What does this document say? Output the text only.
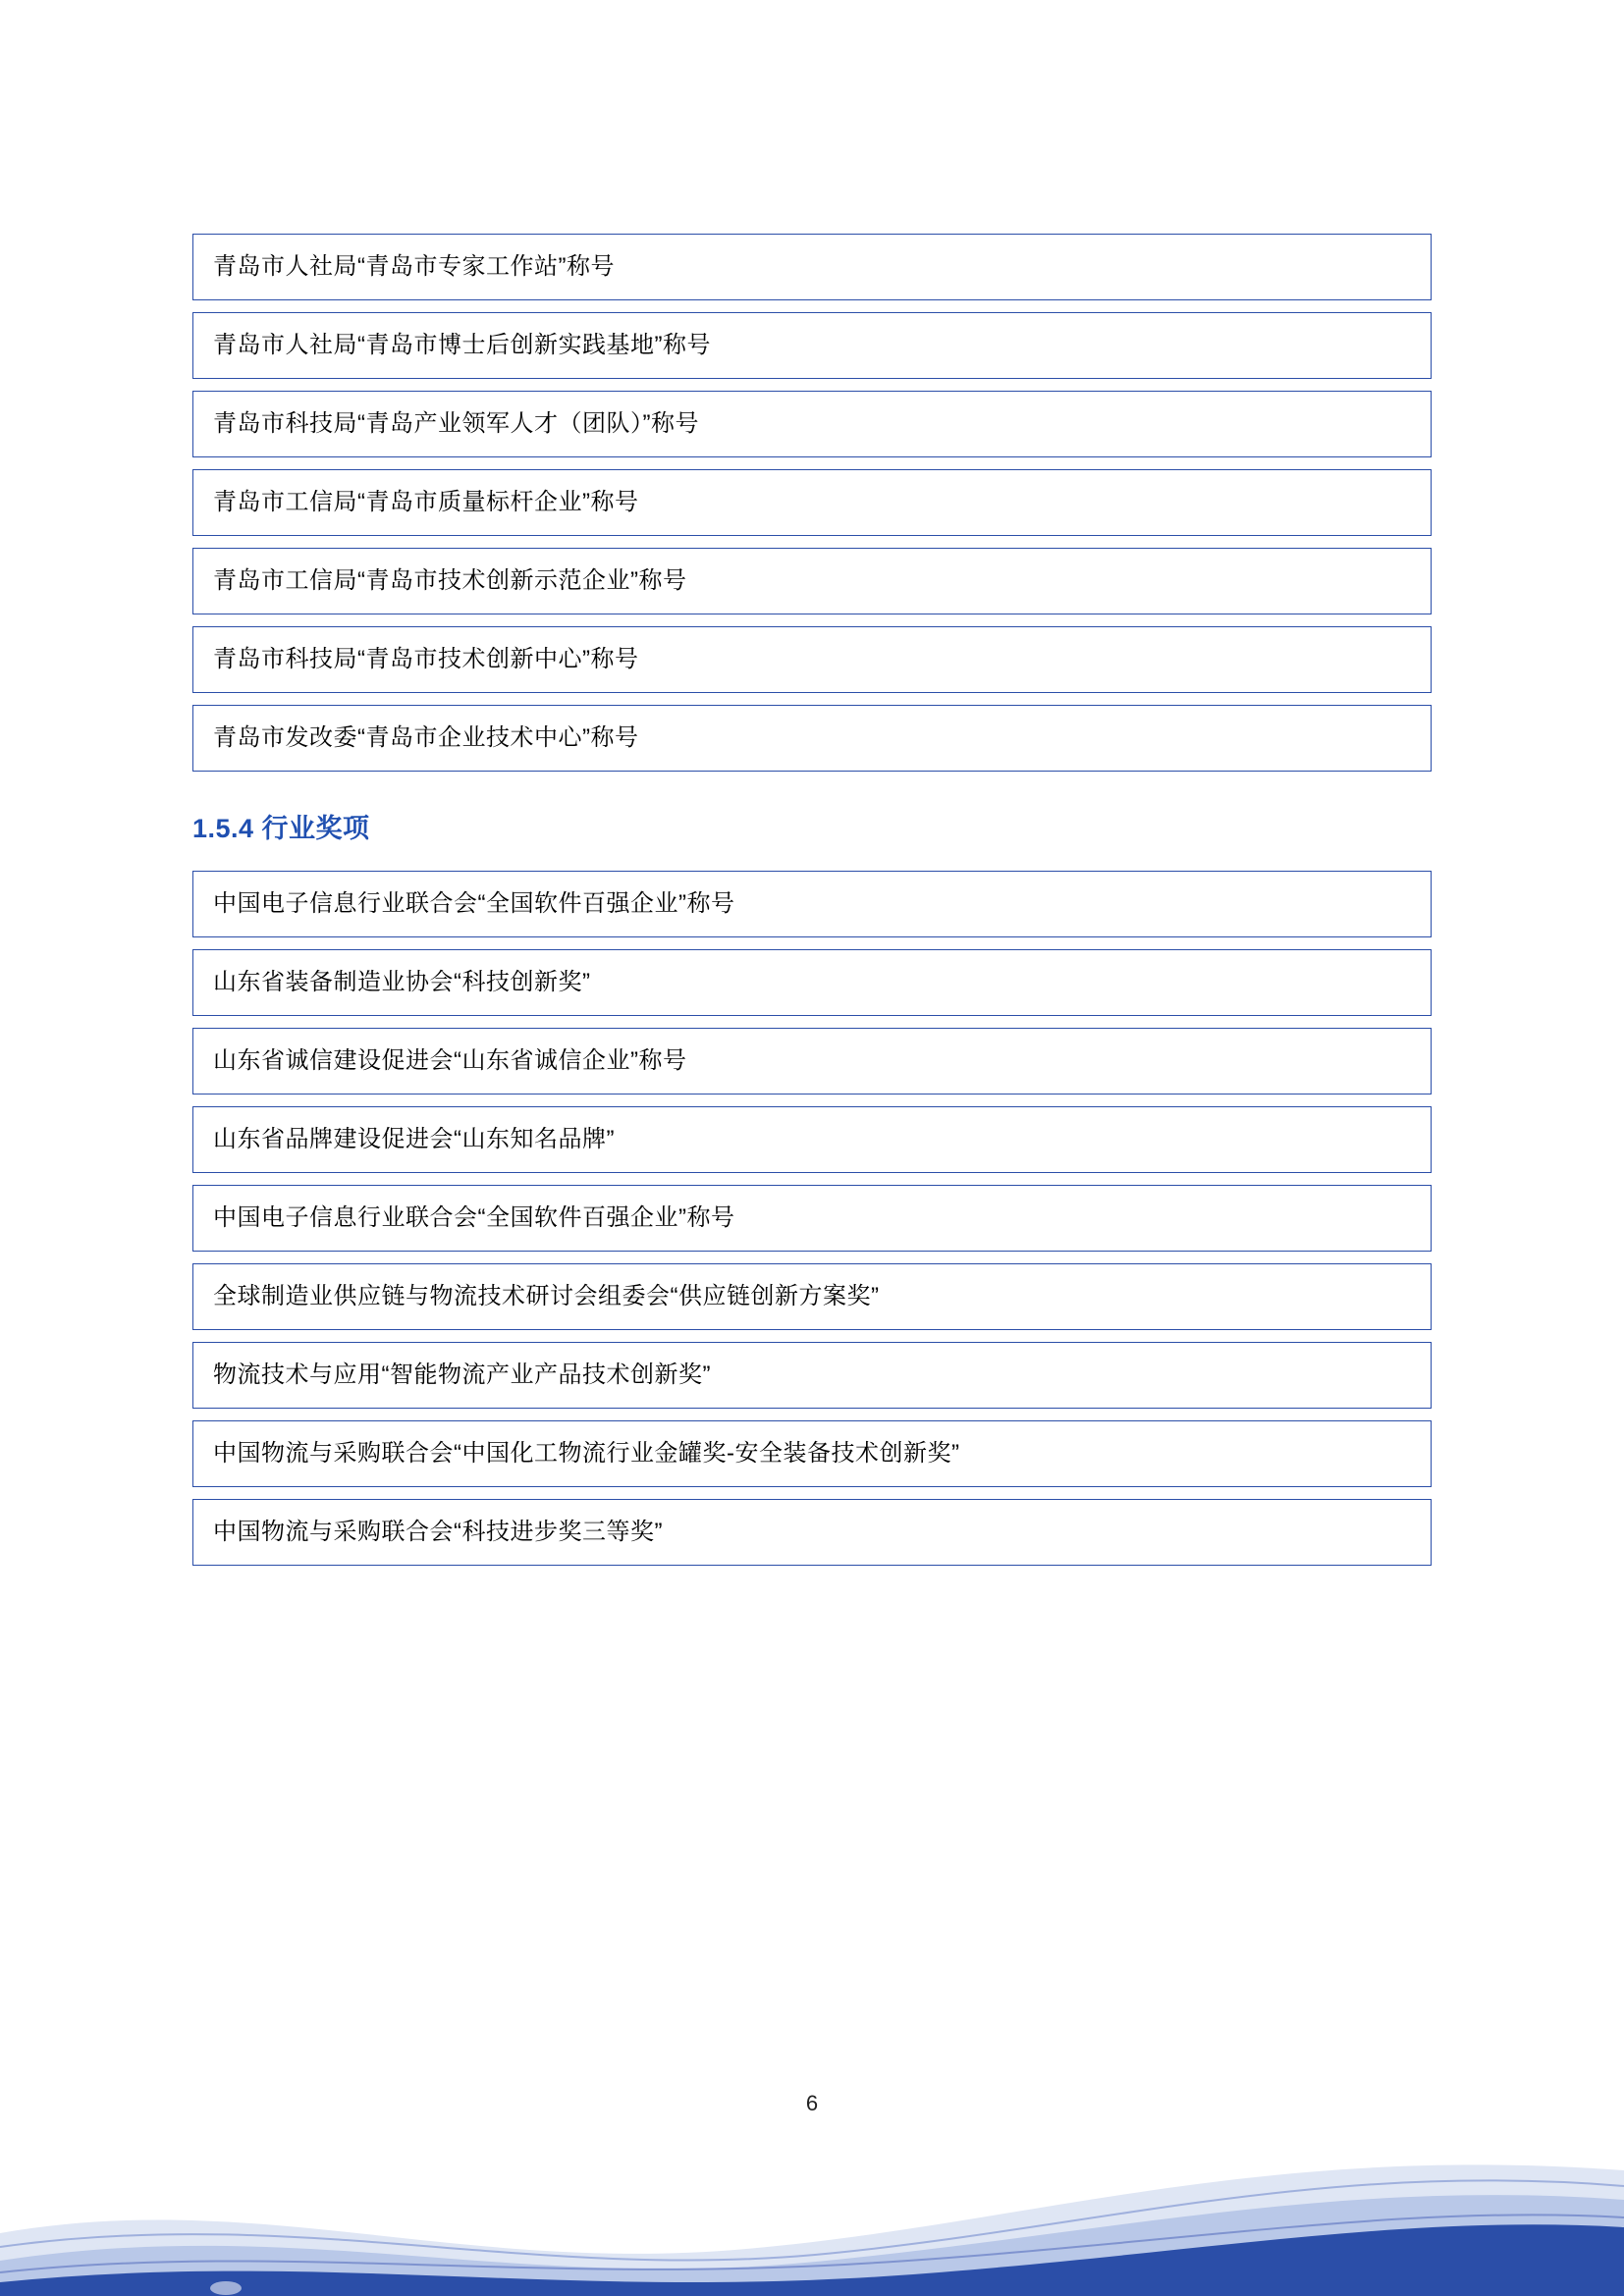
青岛市人社局“青岛市专家工作站”称号
青岛市人社局“青岛市博士后创新实践基地”称号
青岛市科技局“青岛产业领军人才（团队）”称号
青岛市工信局“青岛市质量标杆企业”称号
青岛市工信局“青岛市技术创新示范企业”称号
青岛市科技局“青岛市技术创新中心”称号
青岛市发改委“青岛市企业技术中心”称号
1.5.4 行业奖项
中国电子信息行业联合会“全国软件百强企业”称号
山东省装备制造业协会“科技创新奖”
山东省诚信建设促进会“山东省诚信企业”称号
山东省品牌建设促进会“山东知名品牌”
中国电子信息行业联合会“全国软件百强企业”称号
全球制造业供应链与物流技术研讨会组委会“供应链创新方案奖”
物流技术与应用“智能物流产业产品技术创新奖”
中国物流与采购联合会“中国化工物流行业金罐奖-安全装备技术创新奖”
中国物流与采购联合会“科技进步奖三等奖”
6
